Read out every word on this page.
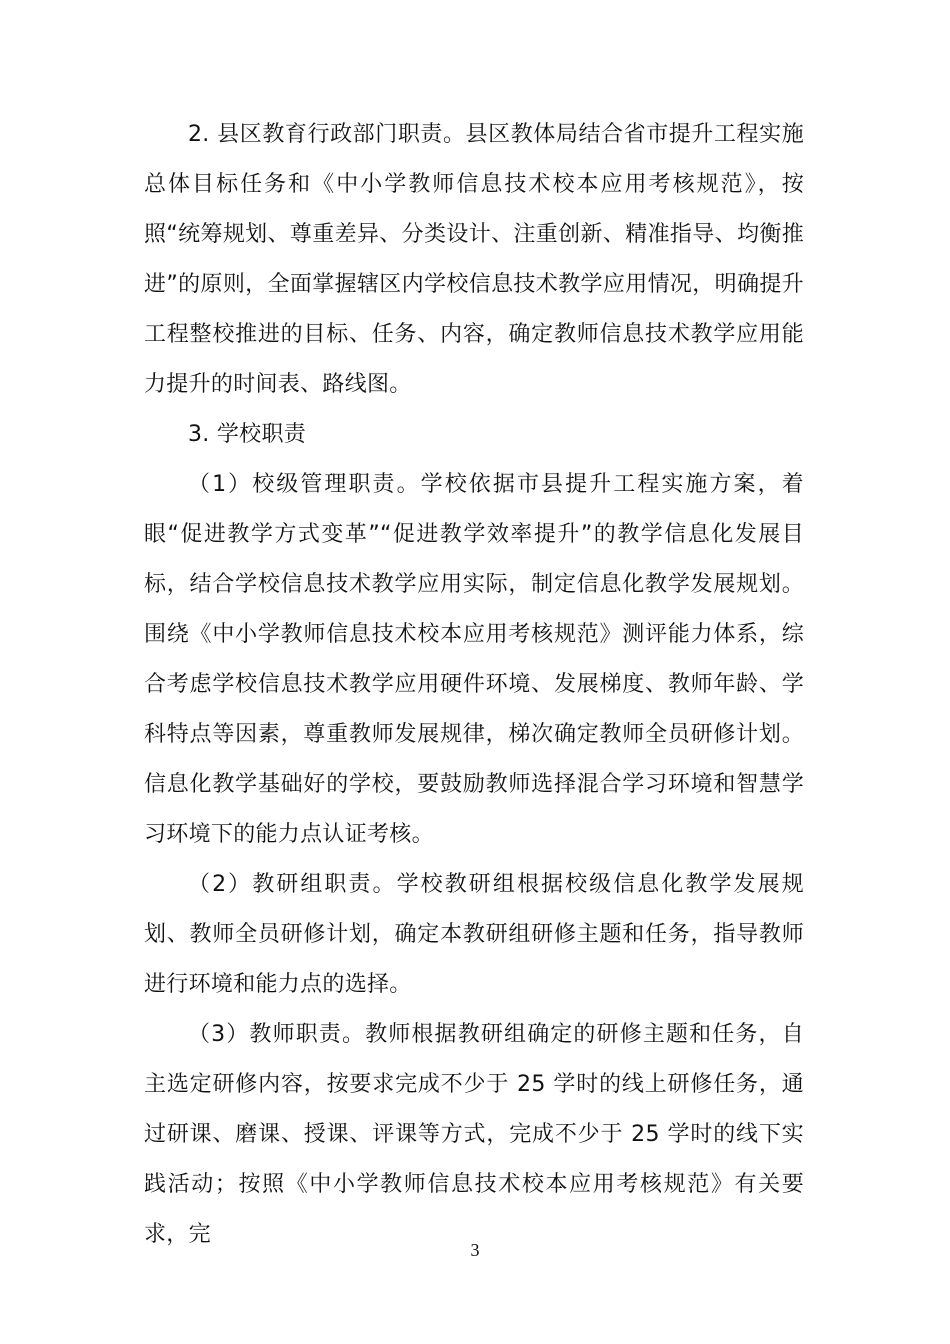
2. 县区教育行政部门职责。县区教体局结合省市提升工程实施总体目标任务和《中小学教师信息技术校本应用考核规范》，按照“统筹规划、尊重差异、分类设计、注重创新、精准指导、均衡推进”的原则，全面掌握辖区内学校信息技术教学应用情况，明确提升工程整校推进的目标、任务、内容，确定教师信息技术教学应用能力提升的时间表、路线图。

3. 学校职责

（1）校级管理职责。学校依据市县提升工程实施方案，着眼“促进教学方式变革”“促进教学效率提升”的教学信息化发展目标，结合学校信息技术教学应用实际，制定信息化教学发展规划。围绕《中小学教师信息技术校本应用考核规范》测评能力体系，综合考虑学校信息技术教学应用硬件环境、发展梯度、教师年龄、学科特点等因素，尊重教师发展规律，梯次确定教师全员研修计划。信息化教学基础好的学校，要鼓励教师选择混合学习环境和智慧学习环境下的能力点认证考核。

（2）教研组职责。学校教研组根据校级信息化教学发展规划、教师全员研修计划，确定本教研组研修主题和任务，指导教师进行环境和能力点的选择。

（3）教师职责。教师根据教研组确定的研修主题和任务，自主选定研修内容，按要求完成不少于 25 学时的线上研修任务，通过研课、磨课、授课、评课等方式，完成不少于 25 学时的线下实践活动；按照《中小学教师信息技术校本应用考核规范》有关要求，完

3
